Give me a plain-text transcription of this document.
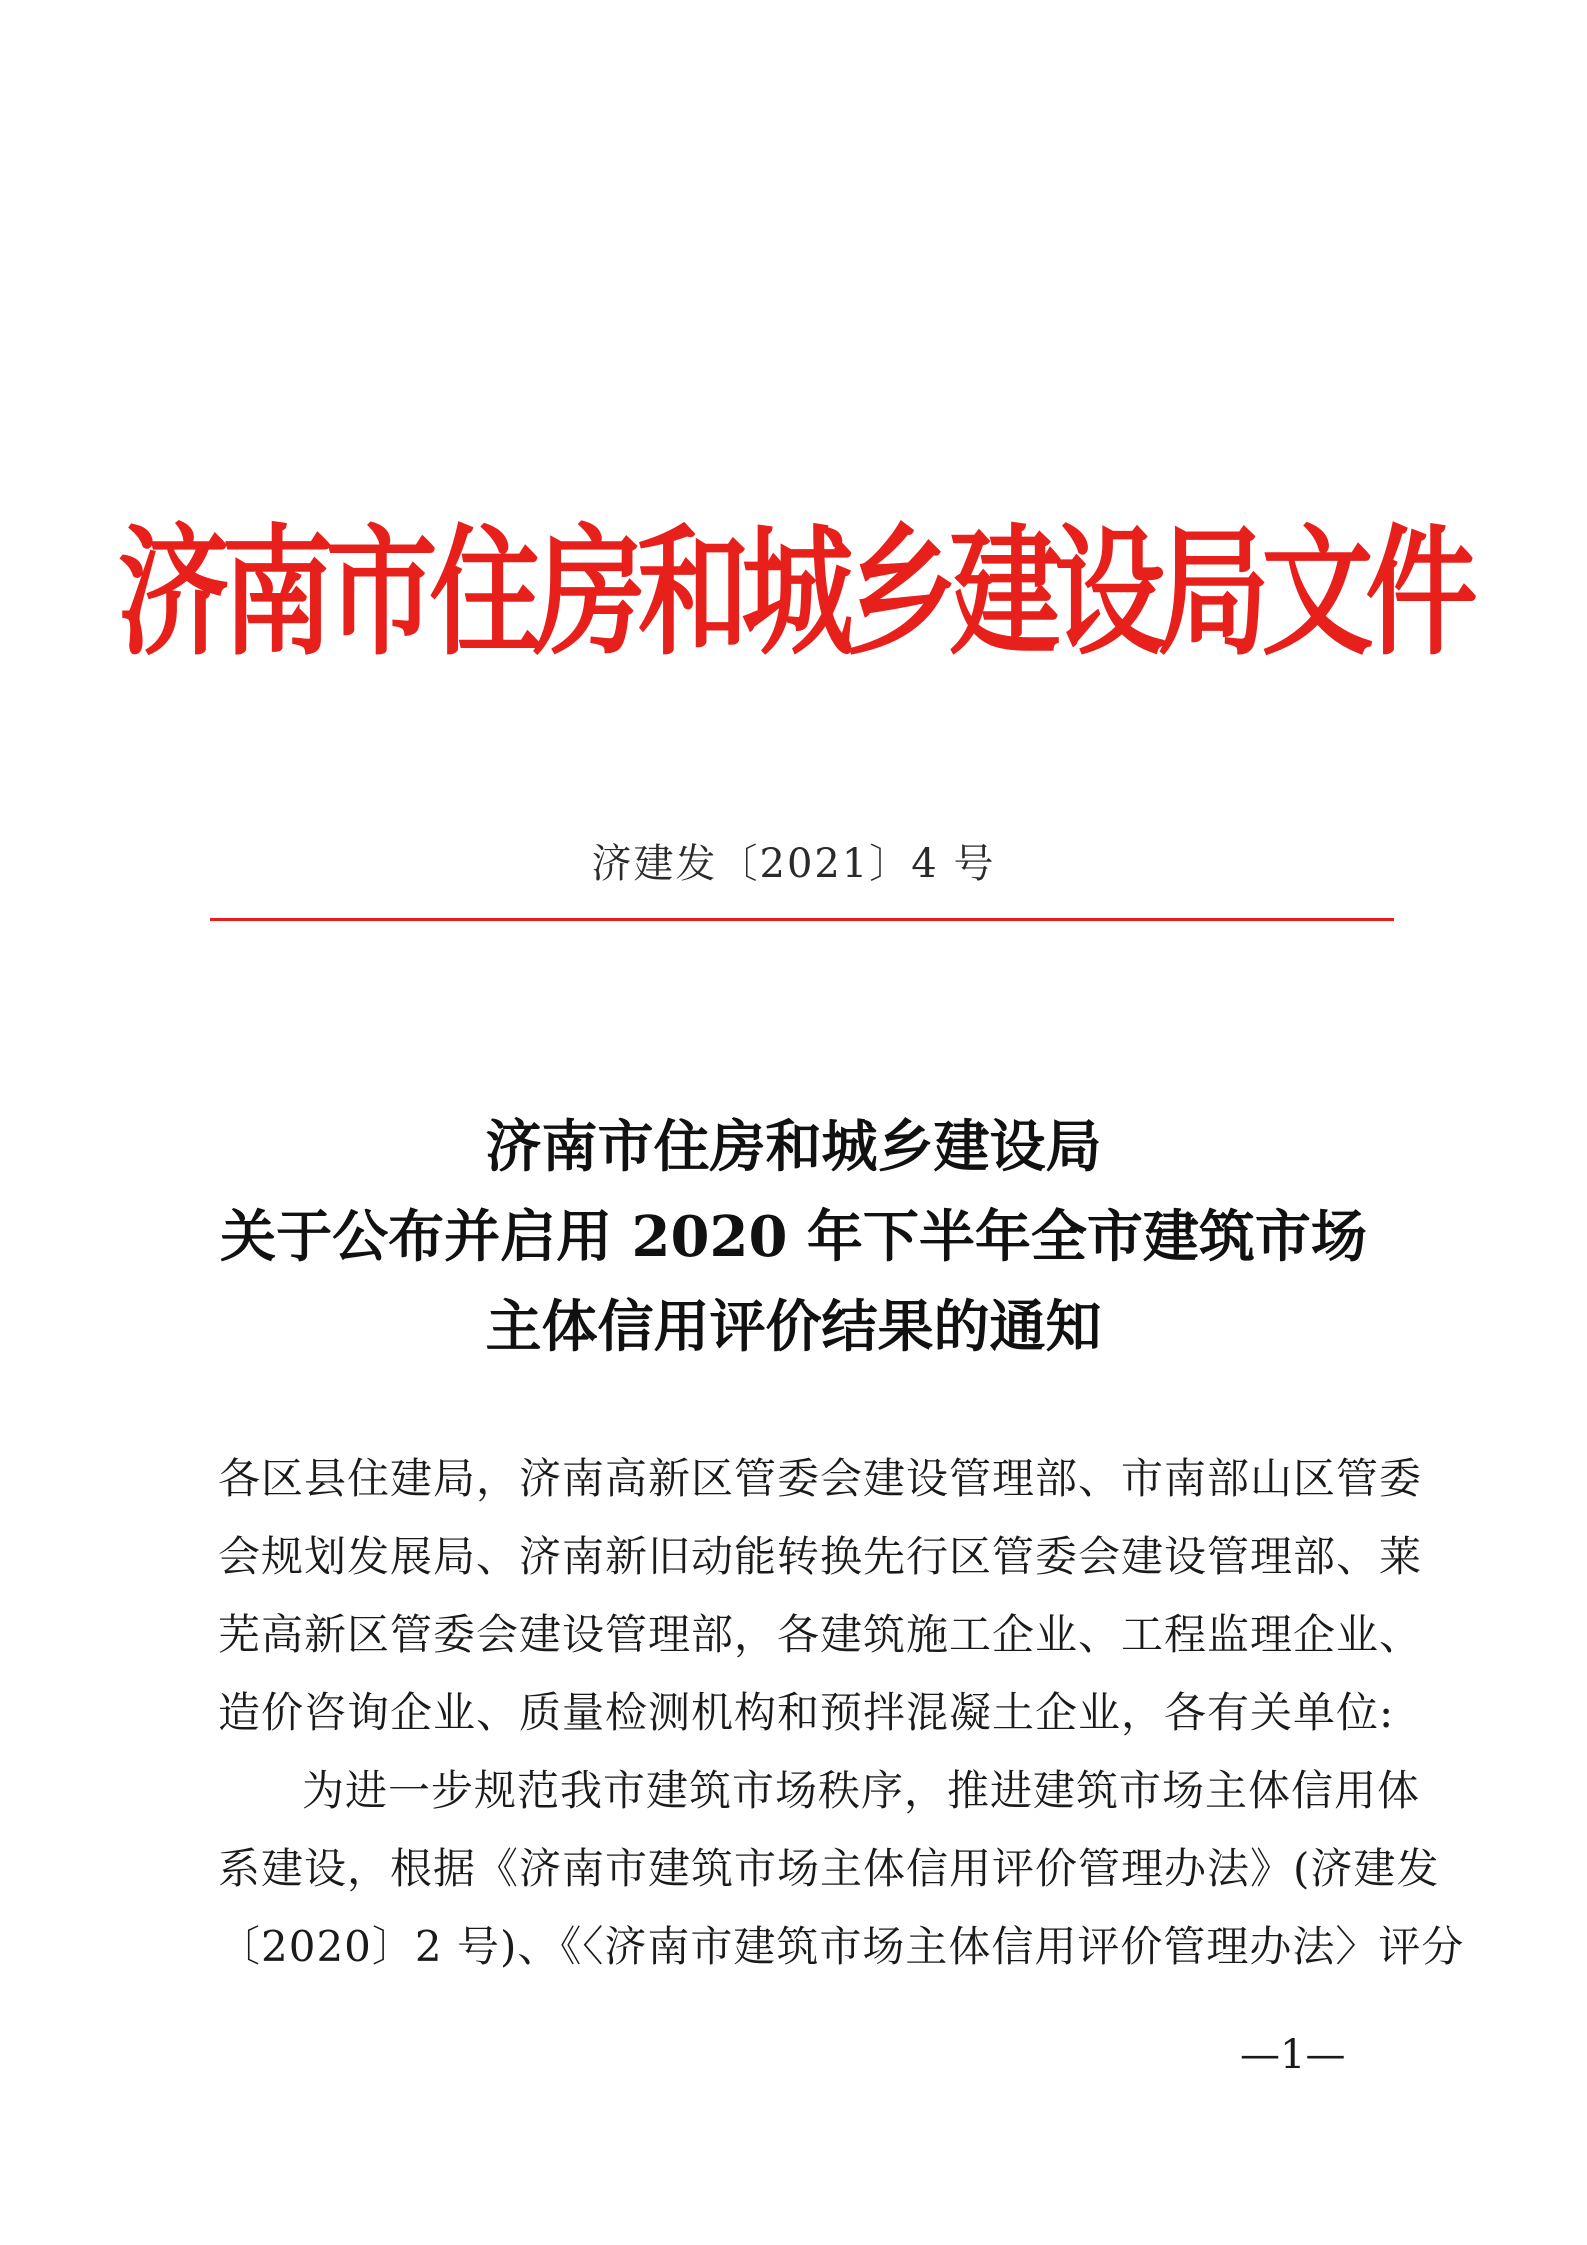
济南市住房和城乡建设局文件
济建发〔2021〕4 号
济南市住房和城乡建设局
关于公布并启用 2020 年下半年全市建筑市场
主体信用评价结果的通知
各区县住建局，济南高新区管委会建设管理部、市南部山区管委
会规划发展局、济南新旧动能转换先行区管委会建设管理部、莱
芜高新区管委会建设管理部，各建筑施工企业、工程监理企业、
造价咨询企业、质量检测机构和预拌混凝土企业，各有关单位:
为进一步规范我市建筑市场秩序，推进建筑市场主体信用体
系建设，根据《济南市建筑市场主体信用评价管理办法》(济建发
〔2020〕2 号)、《〈济南市建筑市场主体信用评价管理办法〉评分
—1—
